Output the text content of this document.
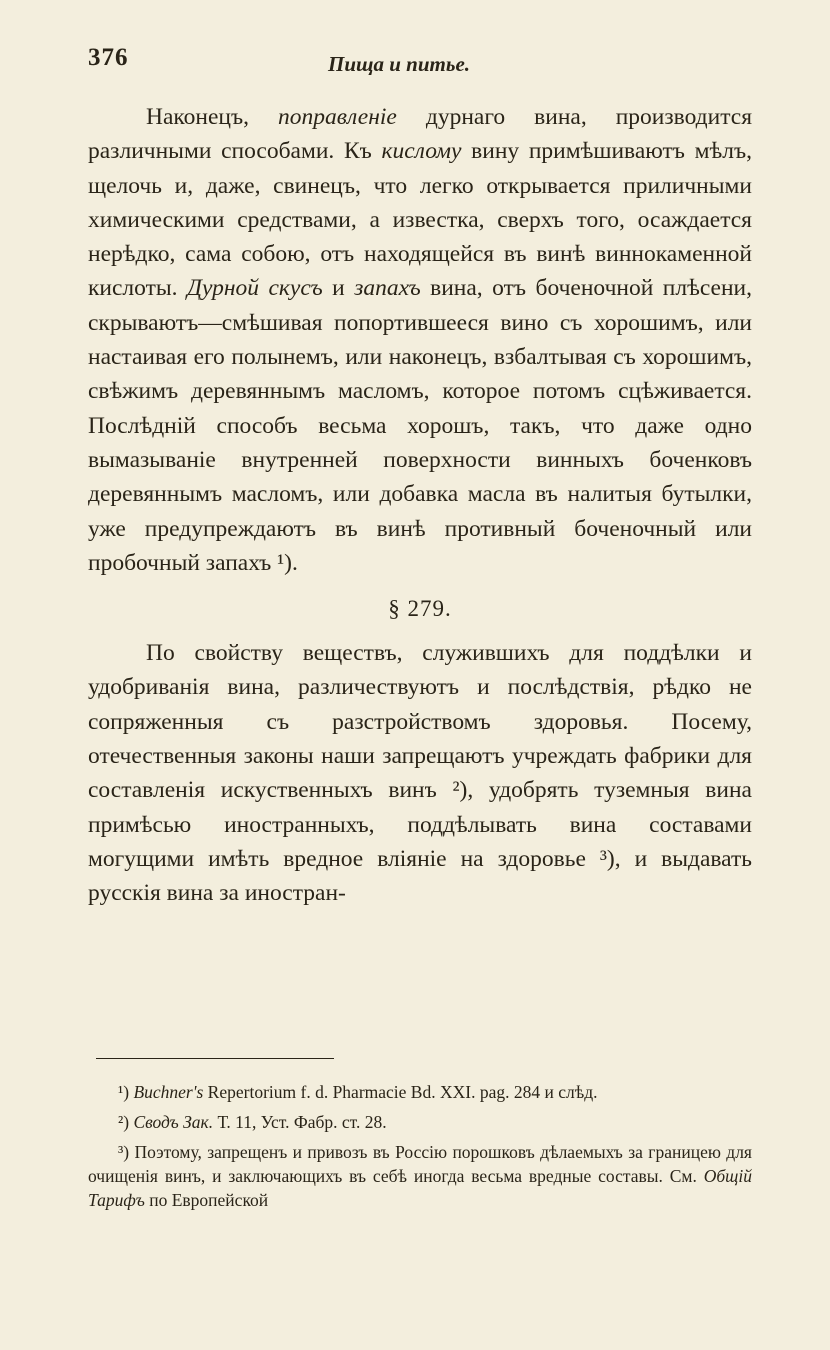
376	Пища и питье.

Наконецъ, поправленіе дурнаго вина, производится различными способами. Къ кислому вину примѣшиваютъ мѣлъ, щелочь и, даже, свинецъ, что легко открывается приличными химическими средствами, а известка, сверхъ того, осаждается нерѣдко, сама собою, отъ находящейся въ винѣ виннокаменной кислоты. Дурной скусъ и запахъ вина, отъ боченочной плѣсени, скрываютъ—смѣшивая попортившееся вино съ хорошимъ, или настаивая его полынемъ, или наконецъ, взбалтывая съ хорошимъ, свѣжимъ деревяннымъ масломъ, которое потомъ сцѣживается. Послѣдній способъ весьма хорошъ, такъ, что даже одно вымазываніе внутренней поверхности винныхъ боченковъ деревяннымъ масломъ, или добавка масла въ налитыя бутылки, уже предупреждаютъ въ винѣ противный боченочный или пробочный запахъ ¹).

§ 279.

По свойству веществъ, служившихъ для поддѣлки и удобриванія вина, различествуютъ и послѣдствія, рѣдко не сопряженныя съ разстройствомъ здоровья. Посему, отечественныя законы наши запрещаютъ учреждать фабрики для составленія искуственныхъ винъ ²), удобрять туземныя вина примѣсью иностранныхъ, поддѣлывать вина составами могущими имѣть вредное вліяніе на здоровье ³), и выдавать русскія вина за иностран-

¹) Buchner's Repertorium f. d. Pharmacie Bd. XXI. pag. 284 и слѣд.

²) Сводъ Зак. Т. 11, Уст. Фабр. ст. 28.

³) Поэтому, запрещенъ и привозъ въ Россію порошковъ дѣлаемыхъ за границею для очищенія винъ, и заключающихъ въ себѣ иногда весьма вредные составы. См. Общій Тарифъ по Европейской
